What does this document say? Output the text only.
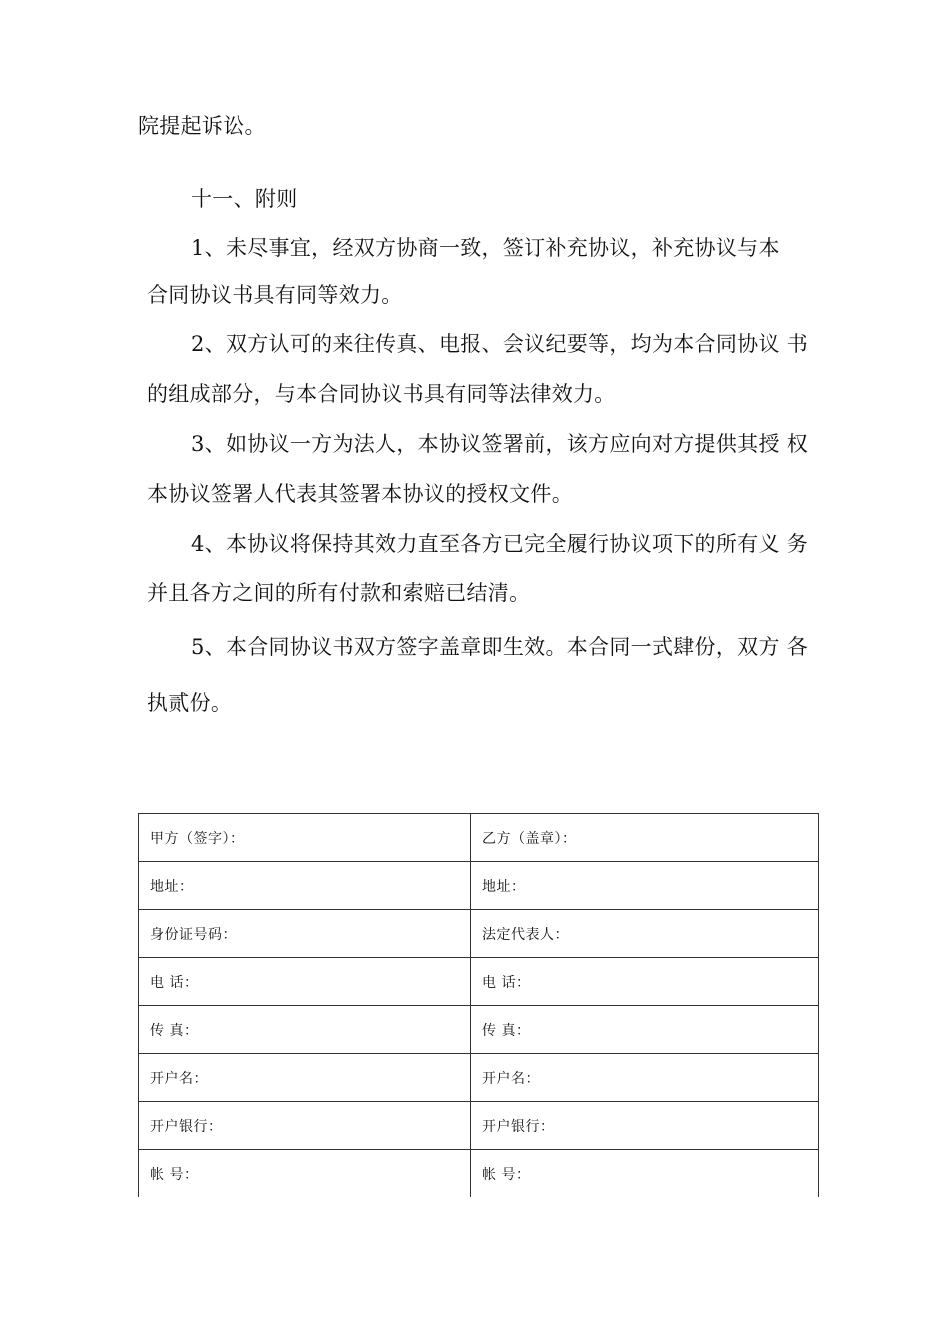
院提起诉讼。
十一、附则
1、未尽事宜，经双方协商一致，签订补充协议，补充协议与本
合同协议书具有同等效力。
2、双方认可的来往传真、电报、会议纪要等，均为本合同协议 书
的组成部分，与本合同协议书具有同等法律效力。
3、如协议一方为法人，本协议签署前，该方应向对方提供其授 权
本协议签署人代表其签署本协议的授权文件。
4、本协议将保持其效力直至各方已完全履行协议项下的所有义 务
并且各方之间的所有付款和索赔已结清。
5、本合同协议书双方签字盖章即生效。本合同一式肆份，双方 各
执贰份。
甲方（签字）：	乙方（盖章）：
地址：	地址：
身份证号码：	法定代表人：
电 话：	电 话：
传 真：	传 真：
开户名：	开户名：
开户银行：	开户银行：
帐 号：	帐 号：
